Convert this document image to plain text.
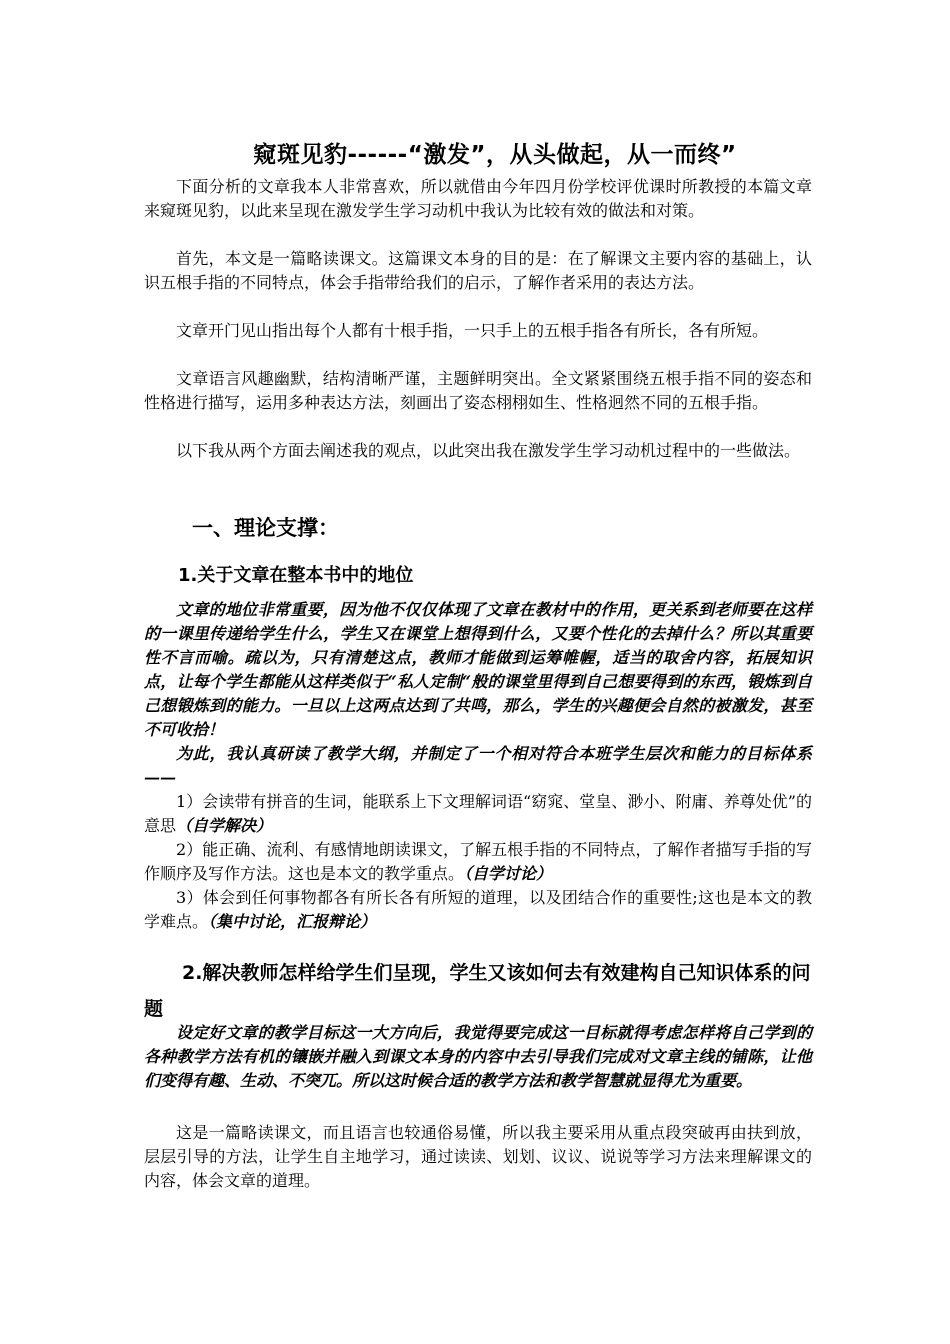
窥斑见豹------“激发”，从头做起，从一而终”

下面分析的文章我本人非常喜欢，所以就借由今年四月份学校评优课时所教授的本篇文章来窥斑见豹，以此来呈现在激发学生学习动机中我认为比较有效的做法和对策。

首先，本文是一篇略读课文。这篇课文本身的目的是：在了解课文主要内容的基础上，认识五根手指的不同特点，体会手指带给我们的启示，了解作者采用的表达方法。

文章开门见山指出每个人都有十根手指，一只手上的五根手指各有所长，各有所短。

文章语言风趣幽默，结构清晰严谨，主题鲜明突出。全文紧紧围绕五根手指不同的姿态和性格进行描写，运用多种表达方法，刻画出了姿态栩栩如生、性格迥然不同的五根手指。

以下我从两个方面去阐述我的观点，以此突出我在激发学生学习动机过程中的一些做法。

一、理论支撑：
1.关于文章在整本书中的地位

文章的地位非常重要，因为他不仅仅体现了文章在教材中的作用，更关系到老师要在这样的一课里传递给学生什么，学生又在课堂上想得到什么，又要个性化的去掉什么？所以其重要性不言而喻。疏以为，只有清楚这点，教师才能做到运筹帷幄，适当的取舍内容，拓展知识点，让每个学生都能从这样类似于“私人定制“般的课堂里得到自己想要得到的东西，锻炼到自己想锻炼到的能力。一旦以上这两点达到了共鸣，那么，学生的兴趣便会自然的被激发，甚至不可收拾！

为此，我认真研读了教学大纲，并制定了一个相对符合本班学生层次和能力的目标体系——

1）会读带有拼音的生词，能联系上下文理解词语“窈窕、堂皇、渺小、附庸、养尊处优”的意思（自学解决）

2）能正确、流利、有感情地朗读课文，了解五根手指的不同特点，了解作者描写手指的写作顺序及写作方法。这也是本文的教学重点。（自学讨论）

3）体会到任何事物都各有所长各有所短的道理，以及团结合作的重要性;这也是本文的教学难点。（集中讨论，汇报辩论）

2.解决教师怎样给学生们呈现，学生又该如何去有效建构自己知识体系的问题

设定好文章的教学目标这一大方向后，我觉得要完成这一目标就得考虑怎样将自己学到的各种教学方法有机的镶嵌并融入到课文本身的内容中去引导我们完成对文章主线的铺陈，让他们变得有趣、生动、不突兀。所以这时候合适的教学方法和教学智慧就显得尤为重要。

这是一篇略读课文，而且语言也较通俗易懂，所以我主要采用从重点段突破再由扶到放，层层引导的方法，让学生自主地学习，通过读读、划划、议议、说说等学习方法来理解课文的内容，体会文章的道理。
